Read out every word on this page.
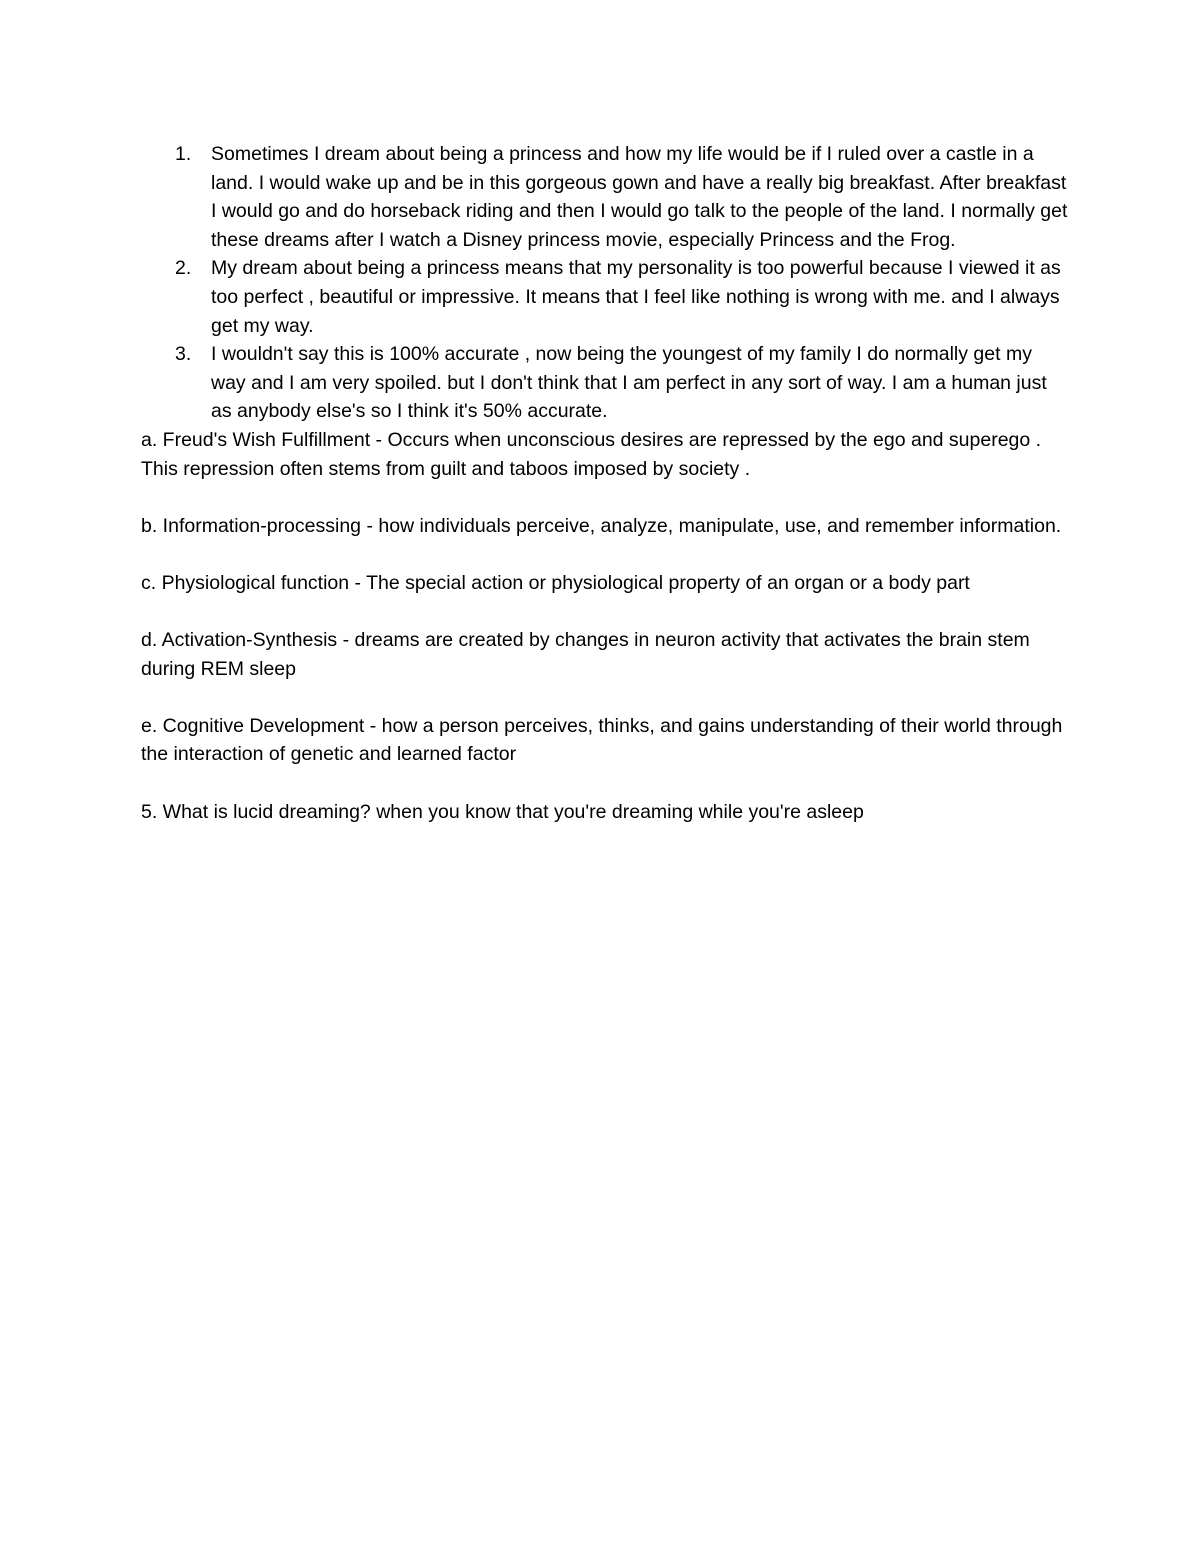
1. Sometimes I dream about being a princess and how my life would be if I ruled over a castle in a land. I would wake up and be in this gorgeous gown and have a really big breakfast. After breakfast I would go and do horseback riding and then I would go talk to the people of the land. I normally get these dreams after I watch a Disney princess movie, especially Princess and the Frog.
2. My dream about being a princess means that my personality is too powerful because I viewed it as too perfect , beautiful or impressive. It means that I feel like nothing is wrong with me. and I always get my way.
3. I wouldn't say this is 100% accurate , now being the youngest of my family I do normally get my way and I am very spoiled. but I don't think that I am perfect in any sort of way. I am a human just as anybody else's so I think it's 50% accurate.

a. Freud's Wish Fulfillment - Occurs when unconscious desires are repressed by the ego and superego . This repression often stems from guilt and taboos imposed by society .

b. Information-processing - how individuals perceive, analyze, manipulate, use, and remember information.

c. Physiological function - The special action or physiological property of an organ or a body part

d. Activation-Synthesis - dreams are created by changes in neuron activity that activates the brain stem during REM sleep

e. Cognitive Development - how a person perceives, thinks, and gains understanding of their world through the interaction of genetic and learned factor

5. What is lucid dreaming? when you know that you're dreaming while you're asleep
